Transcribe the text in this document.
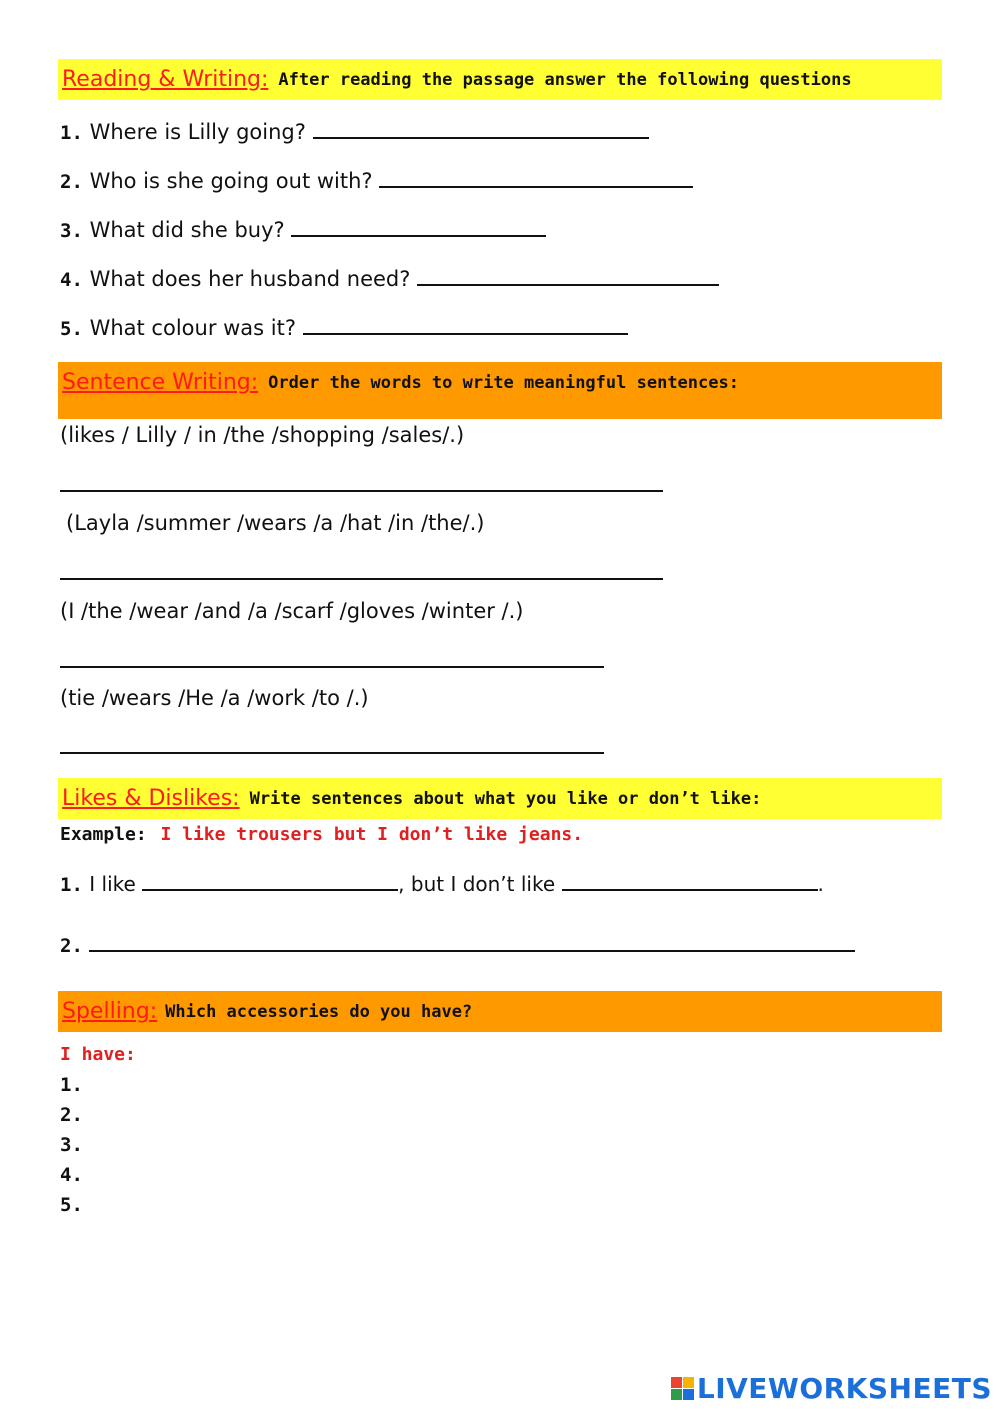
Reading & Writing: After reading the passage answer the following questions
1. Where is Lilly going?
2. Who is she going out with?
3. What did she buy?
4. What does her husband need?
5. What colour was it?
Sentence Writing: Order the words to write meaningful sentences:
(likes / Lilly / in /the /shopping /sales/.)
(Layla /summer /wears /a /hat /in /the/.)
(I /the /wear /and /a /scarf /gloves /winter /.)
(tie /wears /He /a /work /to /.)
Likes & Dislikes: Write sentences about what you like or don’t like:
Example: I like trousers but I don’t like jeans.
1. I like	, but I don’t like	.
2.
Spelling: Which accessories do you have?
I have:
1.
2.
3.
4.
5.
LIVEWORKSHEETS
